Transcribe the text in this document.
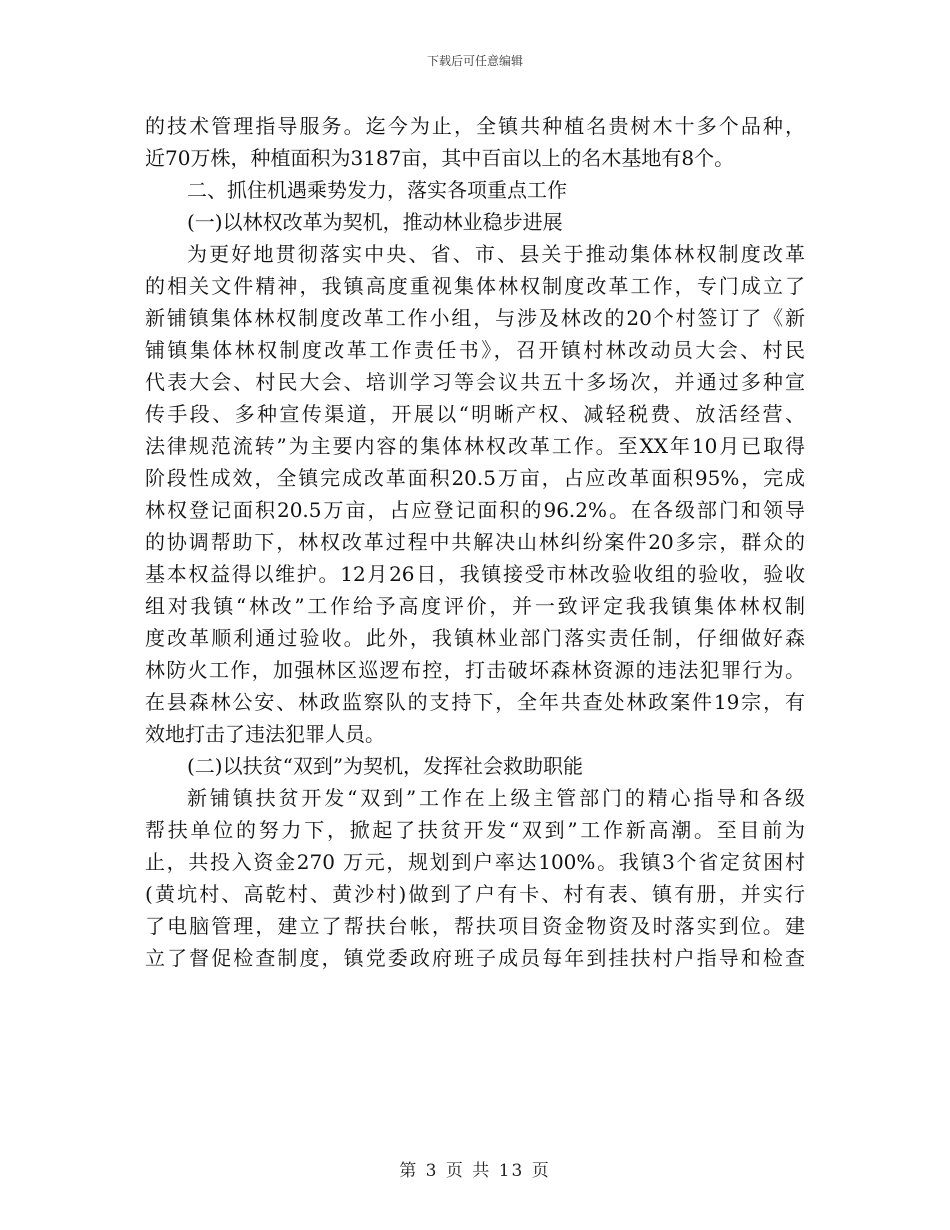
下载后可任意编辑
的技术管理指导服务。迄今为止，全镇共种植名贵树木十多个品种，
近70万株，种植面积为3187亩，其中百亩以上的名木基地有8个。
二、抓住机遇乘势发力，落实各项重点工作
(一)以林权改革为契机，推动林业稳步进展
为更好地贯彻落实中央、省、市、县关于推动集体林权制度改革
的相关文件精神，我镇高度重视集体林权制度改革工作，专门成立了
新铺镇集体林权制度改革工作小组，与涉及林改的20个村签订了《新
铺镇集体林权制度改革工作责任书》，召开镇村林改动员大会、村民
代表大会、村民大会、培训学习等会议共五十多场次，并通过多种宣
传手段、多种宣传渠道，开展以“明晰产权、减轻税费、放活经营、
法律规范流转”为主要内容的集体林权改革工作。至XX年10月已取得
阶段性成效，全镇完成改革面积20.5万亩，占应改革面积95%，完成
林权登记面积20.5万亩，占应登记面积的96.2%。在各级部门和领导
的协调帮助下，林权改革过程中共解决山林纠纷案件20多宗，群众的
基本权益得以维护。12月26日，我镇接受市林改验收组的验收，验收
组对我镇“林改”工作给予高度评价，并一致评定我我镇集体林权制
度改革顺利通过验收。此外，我镇林业部门落实责任制，仔细做好森
林防火工作，加强林区巡逻布控，打击破坏森林资源的违法犯罪行为。
在县森林公安、林政监察队的支持下，全年共查处林政案件19宗，有
效地打击了违法犯罪人员。
(二)以扶贫“双到”为契机，发挥社会救助职能
新铺镇扶贫开发“双到”工作在上级主管部门的精心指导和各级
帮扶单位的努力下，掀起了扶贫开发“双到”工作新高潮。至目前为
止，共投入资金270 万元，规划到户率达100%。我镇3个省定贫困村
(黄坑村、高乾村、黄沙村)做到了户有卡、村有表、镇有册，并实行
了电脑管理，建立了帮扶台帐，帮扶项目资金物资及时落实到位。建
立了督促检查制度，镇党委政府班子成员每年到挂扶村户指导和检查
第 3 页 共 13 页
